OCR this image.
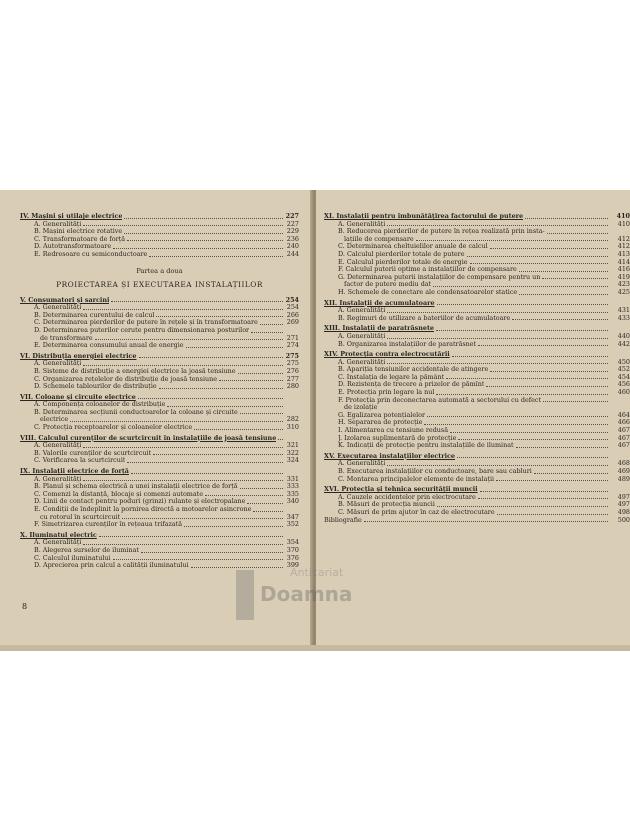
IV. Mașini și utilaje electrice	227
A. Generalități	227
B. Mașini electrice rotative	229
C. Transformatoare de forță	236
D. Autotransformatoare	240
E. Redresoare cu semiconductoare	244
Partea a doua
PROIECTAREA ȘI EXECUTAREA INSTALAȚIILOR
V. Consumatori și sarcini	254
A. Generalități	254
B. Determinarea curentului de calcul	266
C. Determinarea pierderilor de putere în rețele și în transformatoare	269
D. Determinarea puterilor cerute pentru dimensionarea posturilor
de transformare	271
E. Determinarea consumului anual de energie	274
VI. Distribuția energiei electrice	275
A. Generalități	275
B. Sisteme de distribuție a energiei electrice la joasă tensiune	276
C. Organizarea rețelelor de distribuție de joasă tensiune	277
D. Schemele tablourilor de distribuție	280
VII. Coloane și circuite electrice
A. Componența coloanelor de distribuție
B. Determinarea secțiunii conductoarelor la coloane și circuite
electrice	282
C. Protecția receptoarelor și coloanelor electrice	310
VIII. Calculul curenților de scurtcircuit în instalațiile de joasă tensiune
A. Generalități	321
B. Valorile curenților de scurtcircuit	322
C. Verificarea la scurtcircuit	324
IX. Instalații electrice de forță
A. Generalități	331
B. Planul și schema electrică a unei instalații electrice de forță	333
C. Comenzi la distanță, blocaje și comenzi automate	335
D. Linii de contact pentru poduri (grinzi) rulante și electropalane	340
E. Condiții de îndeplinit la pornirea directă a motoarelor asincrone
cu rotorul în scurtcircuit	347
F. Simetrizarea curenților în rețeaua trifazată	352
X. Iluminatul electric
A. Generalități	354
B. Alegerea surselor de iluminat	370
C. Calculul iluminatului	376
D. Aprecierea prin calcul a calității iluminatului	399
8
XI. Instalații pentru îmbunătățirea factorului de putere	410
A. Generalități	410
B. Reducerea pierderilor de putere în rețea realizată prin insta-
lațiile de compensare	412
C. Determinarea cheltuielilor anuale de calcul	412
D. Calculul pierderilor totale de putere	413
E. Calculul pierderilor totale de energie	414
F. Calculul puterii optime a instalațiilor de compensare	416
G. Determinarea puterii instalațiilor de compensare pentru un	419
factor de putere mediu dat	423
H. Schemele de conectare ale condensatoarelor statice	425
XII. Instalații de acumulatoare
A. Generalități	431
B. Regimuri de utilizare a bateriilor de acumulatoare	433
XIII. Instalații de paratrăsnete
A. Generalități	440
B. Organizarea instalațiilor de paratrăsnet	442
XIV. Protecția contra electrocutării
A. Generalități	450
B. Apariția tensiunilor accidentale de atingere	452
C. Instalația de legare la pământ	454
D. Rezistența de trecere a prizelor de pămînt	456
E. Protecția prin legare la nul	460
F. Protecția prin deconectarea automată a sectorului cu defect
de izolație
G. Egalizarea potențialelor	464
H. Separarea de protecție	466
I. Alimentarea cu tensiune redusă	467
J. Izolarea suplimentară de protecție	467
K. Indicații de protecție pentru instalațiile de iluminat	467
XV. Executarea instalațiilor electrice
A. Generalități	468
B. Executarea instalațiilor cu conductoare, bare sau cabluri	469
C. Montarea principalelor elemente de instalații	489
XVI. Protecția și tehnica securității muncii
A. Cauzele accidentelor prin electrocutare	497
B. Măsuri de protecția muncii	497
C. Măsuri de prim ajutor în caz de electrocutare	498
Bibliografie	500
Anticariat
Doamna
